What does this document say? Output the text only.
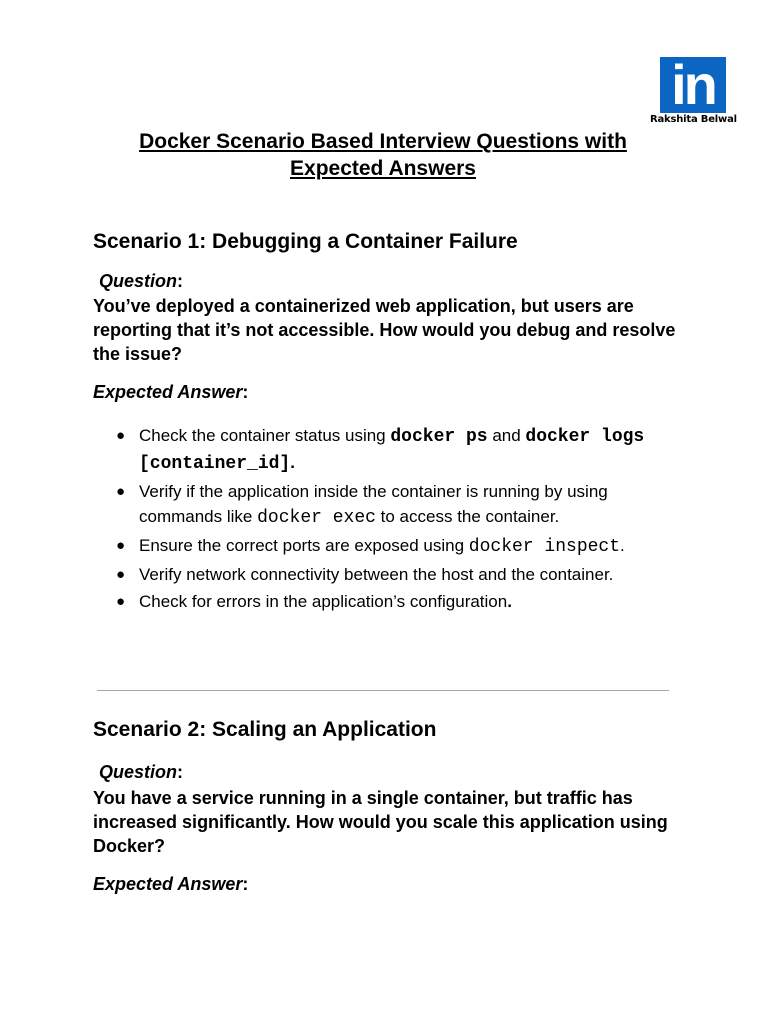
in
Rakshita Belwal
Docker Scenario Based Interview Questions with
Expected Answers
Scenario 1: Debugging a Container Failure

Question:

You’ve deployed a containerized web application, but users are reporting that it’s not accessible. How would you debug and resolve the issue?

Expected Answer:

● Check the container status using docker ps and docker logs [container_id].
● Verify if the application inside the container is running by using commands like docker exec to access the container.
● Ensure the correct ports are exposed using docker inspect.
● Verify network connectivity between the host and the container.
● Check for errors in the application’s configuration.
Scenario 2: Scaling an Application

Question:

You have a service running in a single container, but traffic has increased significantly. How would you scale this application using Docker?

Expected Answer:
